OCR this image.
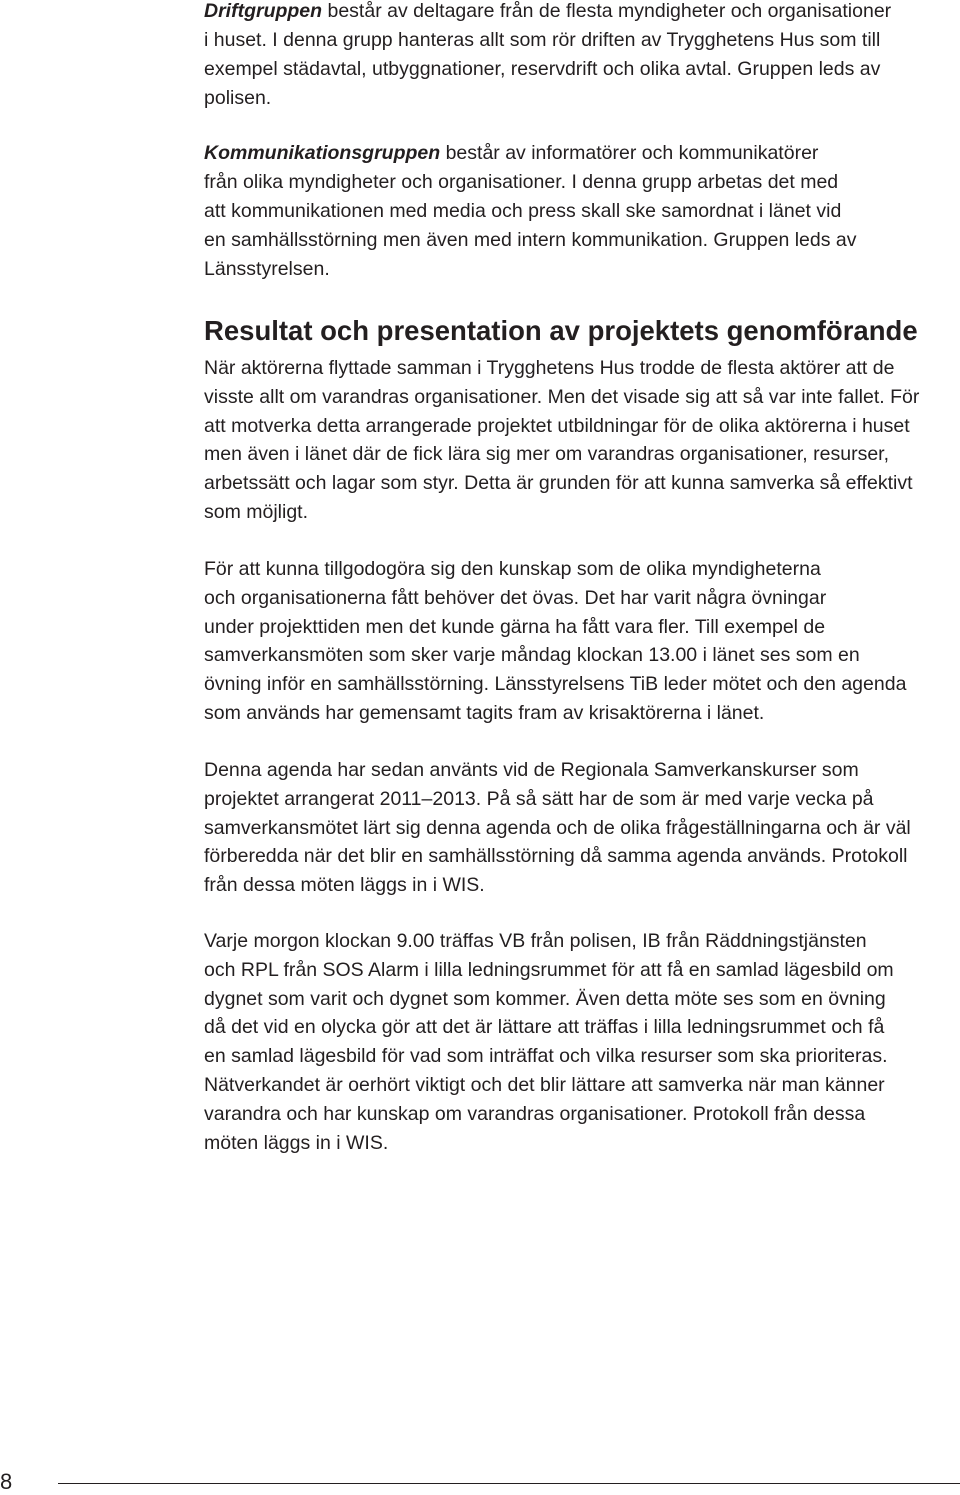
Driftgruppen består av deltagare från de flesta myndigheter och organisationer
i huset. I denna grupp hanteras allt som rör driften av Trygghetens Hus som till
exempel städavtal, utbyggnationer, reservdrift och olika avtal. Gruppen leds av
polisen.

Kommunikationsgruppen består av informatörer och kommunikatörer
från olika myndigheter och organisationer. I denna grupp arbetas det med
att kommunikationen med media och press skall ske samordnat i länet vid
en samhällsstörning men även med intern kommunikation. Gruppen leds av
Länsstyrelsen.

Resultat och presentation av projektets genomförande

När aktörerna flyttade samman i Trygghetens Hus trodde de flesta aktörer att de
visste allt om varandras organisationer. Men det visade sig att så var inte fallet. För
att motverka detta arrangerade projektet utbildningar för de olika aktörerna i huset
men även i länet där de fick lära sig mer om varandras organisationer, resurser,
arbetssätt och lagar som styr. Detta är grunden för att kunna samverka så effektivt
som möjligt.

För att kunna tillgodogöra sig den kunskap som de olika myndigheterna
och organisationerna fått behöver det övas. Det har varit några övningar
under projekttiden men det kunde gärna ha fått vara fler. Till exempel de
samverkansmöten som sker varje måndag klockan 13.00 i länet ses som en
övning inför en samhällsstörning. Länsstyrelsens TiB leder mötet och den agenda
som används har gemensamt tagits fram av krisaktörerna i länet.

Denna agenda har sedan använts vid de Regionala Samverkanskurser som
projektet arrangerat 2011–2013. På så sätt har de som är med varje vecka på
samverkansmötet lärt sig denna agenda och de olika frågeställningarna och är väl
förberedda när det blir en samhällsstörning då samma agenda används. Protokoll
från dessa möten läggs in i WIS.

Varje morgon klockan 9.00 träffas VB från polisen, IB från Räddningstjänsten
och RPL från SOS Alarm i lilla ledningsrummet för att få en samlad lägesbild om
dygnet som varit och dygnet som kommer. Även detta möte ses som en övning
då det vid en olycka gör att det är lättare att träffas i lilla ledningsrummet och få
en samlad lägesbild för vad som inträffat och vilka resurser som ska prioriteras.
Nätverkandet är oerhört viktigt och det blir lättare att samverka när man känner
varandra och har kunskap om varandras organisationer. Protokoll från dessa
möten läggs in i WIS.

8
